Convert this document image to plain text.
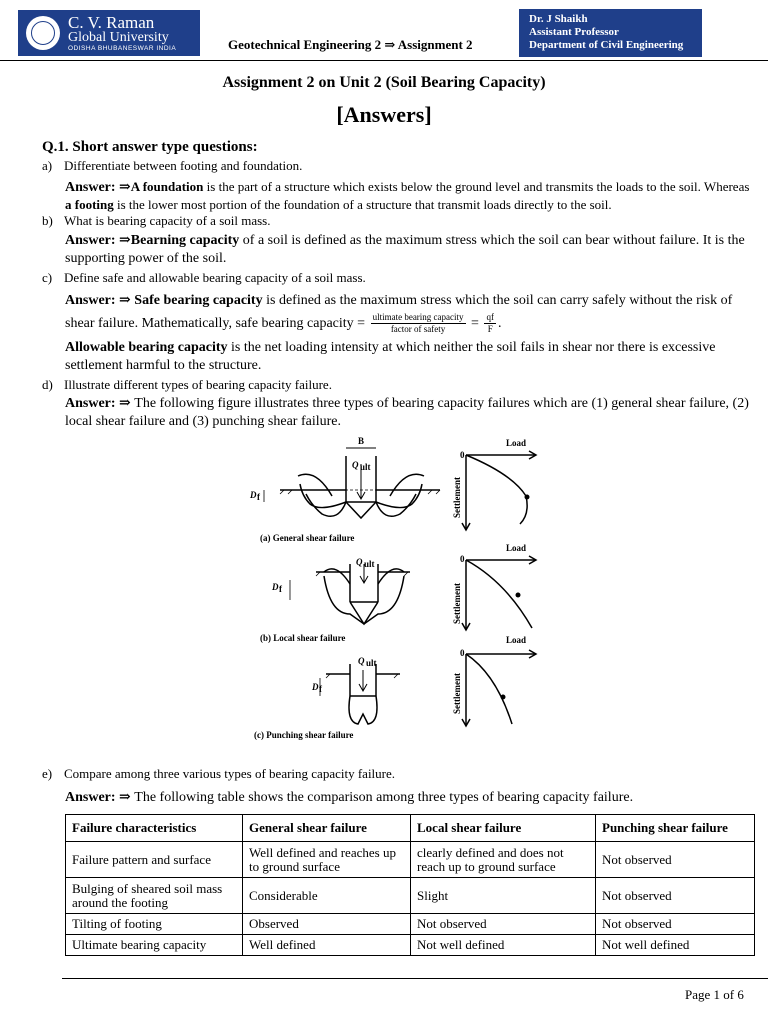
C. V. Raman
Global University
ODISHA BHUBANESWAR INDIA	Geotechnical Engineering 2 ⇒ Assignment 2
Dr. J Shaikh
Assistant Professor
Department of Civil Engineering
Assignment 2 on Unit 2 (Soil Bearing Capacity)
[Answers]
Q.1. Short answer type questions:
a) Differentiate between footing and foundation.
Answer: ⇒A foundation is the part of a structure which exists below the ground level and transmits the loads to the soil. Whereas a footing is the lower most portion of the foundation of a structure that transmit loads directly to the soil.
b) What is bearing capacity of a soil mass.
Answer: ⇒Bearning capacity of a soil is defined as the maximum stress which the soil can bear without failure. It is the supporting power of the soil.
c) Define safe and allowable bearing capacity of a soil mass.
Answer: ⇒ Safe bearing capacity is defined as the maximum stress which the soil can carry safely without the risk of shear failure. Mathematically, safe bearing capacity = $\frac{\text{ultimate bearing capacity}}{\text{factor of safety}} = \frac{qf}{F}$ .
Allowable bearing capacity is the net loading intensity at which neither the soil fails in shear nor there is excessive settlement harmful to the structure.
d) Illustrate different types of bearing capacity failure.
Answer: ⇒ The following figure illustrates three types of bearing capacity failures which are (1) general shear failure, (2) local shear failure and (3) punching shear failure.
B
Q ult
D f
Q ult
D f
Q ult
D f
Load
Load
Load
0
0
0
Settlement
Settlement
Settlement
(a) General shear failure
(b) Local shear failure
(c) Punching shear failure
e) Compare among three various types of bearing capacity failure.
Answer: ⇒ The following table shows the comparison among three types of bearing capacity failure.
Failure characteristics	General shear failure	Local shear failure	Punching shear failure
Failure pattern and surface	Well defined and reaches up to ground surface	clearly defined and does not reach up to ground surface	Not observed
Bulging of sheared soil mass around the footing	Considerable	Slight	Not observed
Tilting of footing	Observed	Not observed	Not observed
Ultimate bearing capacity	Well defined	Not well defined	Not well defined
Page 1 of 6
